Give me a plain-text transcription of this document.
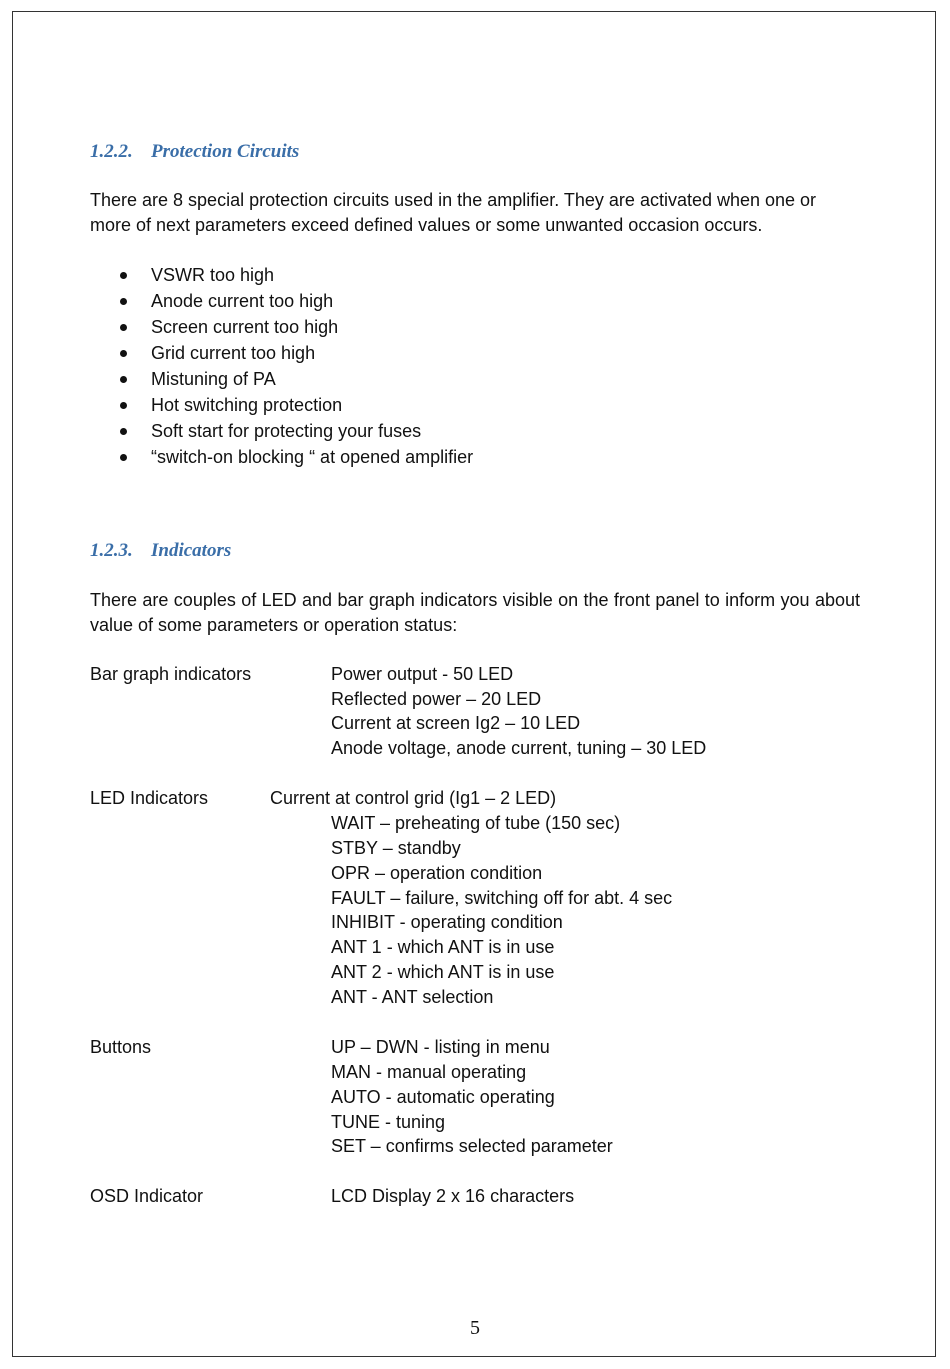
1.2.2. Protection Circuits
There are 8 special protection circuits used in the amplifier. They are activated when one or more of next parameters exceed defined values or some unwanted occasion occurs.
VSWR too high
Anode current too high
Screen current too high
Grid current too high
Mistuning of PA
Hot switching protection
Soft start for protecting your fuses
“switch-on blocking “ at opened amplifier
1.2.3. Indicators
There are couples of LED and bar graph indicators visible on the front panel to inform you about value of some parameters or operation status:
Bar graph indicators	Power output - 50 LED
Reflected power – 20 LED
Current at screen Ig2 – 10 LED
Anode voltage, anode current, tuning – 30 LED
LED Indicators	Current at control grid (Ig1 – 2 LED)
WAIT – preheating of tube (150 sec)
STBY – standby
OPR – operation condition
FAULT – failure, switching off for abt. 4 sec
INHIBIT - operating condition
ANT 1 - which ANT is in use
ANT 2 - which ANT is in use
ANT - ANT selection
Buttons	UP – DWN - listing in menu
MAN - manual operating
AUTO - automatic operating
TUNE - tuning
SET – confirms selected parameter
OSD Indicator	LCD Display 2 x 16 characters
5
